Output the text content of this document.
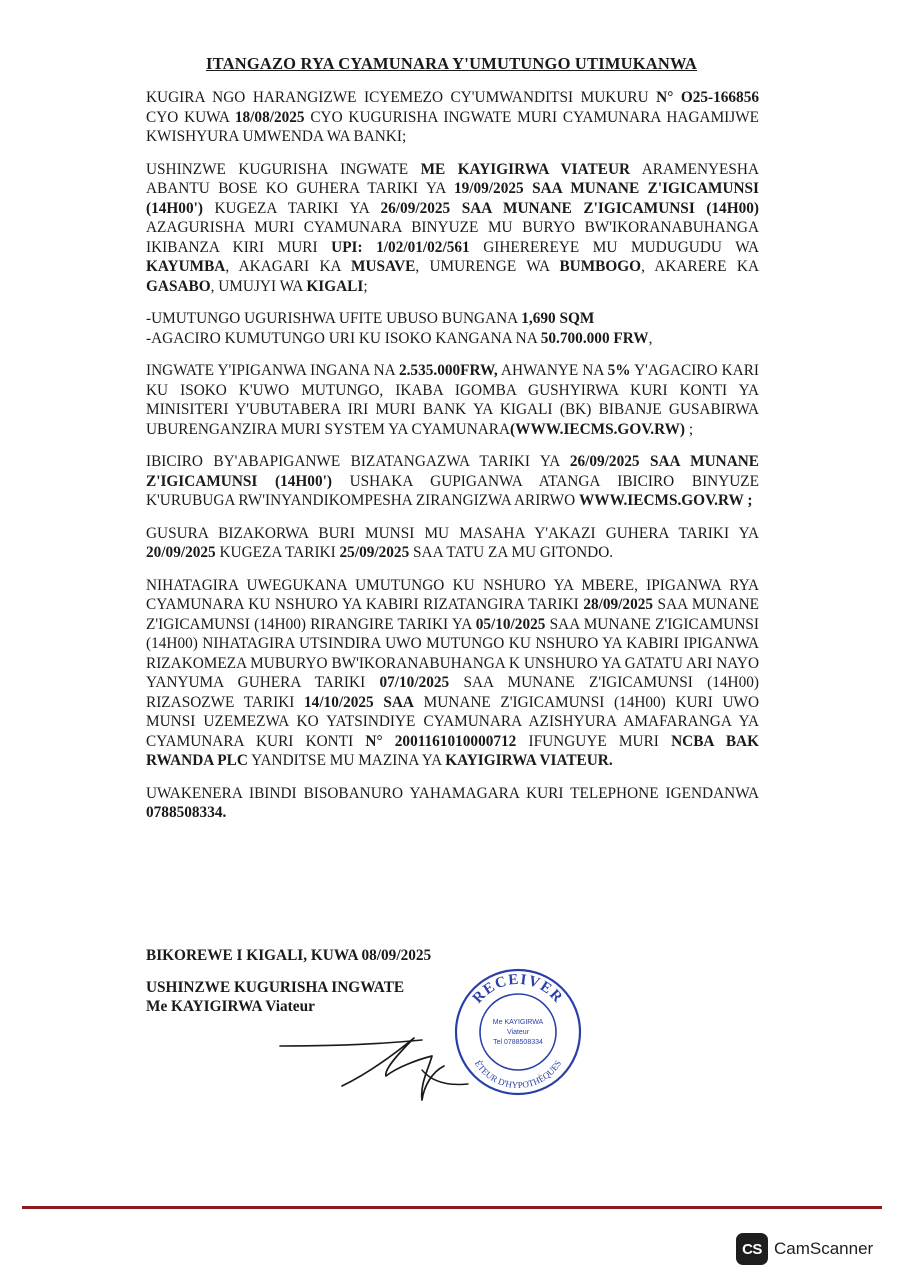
ITANGAZO RYA CYAMUNARA Y'UMUTUNGO UTIMUKANWA

KUGIRA NGO HARANGIZWE ICYEMEZO CY'UMWANDITSI MUKURU N° O25-166856 CYO KUWA 18/08/2025 CYO KUGURISHA INGWATE MURI CYAMUNARA HAGAMIJWE KWISHYURA UMWENDA WA BANKI;

USHINZWE KUGURISHA INGWATE ME KAYIGIRWA VIATEUR ARAMENYESHA ABANTU BOSE KO GUHERA TARIKI YA 19/09/2025 SAA MUNANE Z'IGICAMUNSI (14H00') KUGEZA TARIKI YA 26/09/2025 SAA MUNANE Z'IGICAMUNSI (14H00) AZAGURISHA MURI CYAMUNARA BINYUZE MU BURYO BW'IKORANABUHANGA IKIBANZA KIRI MURI UPI: 1/02/01/02/561 GIHEREREYE MU MUDUGUDU WA KAYUMBA, AKAGARI KA MUSAVE, UMURENGE WA BUMBOGO, AKARERE KA GASABO, UMUJYI WA KIGALI;

-UMUTUNGO UGURISHWA UFITE UBUSO BUNGANA 1,690 SQM

-AGACIRO KUMUTUNGO URI KU ISOKO KANGANA NA 50.700.000 FRW,

INGWATE Y'IPIGANWA INGANA NA 2.535.000FRW, AHWANYE NA 5% Y'AGACIRO KARI KU ISOKO K'UWO MUTUNGO, IKABA IGOMBA GUSHYIRWA KURI KONTI YA MINISITERI Y'UBUTABERA IRI MURI BANK YA KIGALI (BK) BIBANJE GUSABIRWA UBURENGANZIRA MURI SYSTEM YA CYAMUNARA(WWW.IECMS.GOV.RW) ;

IBICIRO BY'ABAPIGANWE BIZATANGAZWA TARIKI YA 26/09/2025 SAA MUNANE Z'IGICAMUNSI (14H00') USHAKA GUPIGANWA ATANGA IBICIRO BINYUZE K'URUBUGA RW'INYANDIKOMPESHA ZIRANGIZWA ARIRWO WWW.IECMS.GOV.RW ;

GUSURA BIZAKORWA BURI MUNSI MU MASAHA Y'AKAZI GUHERA TARIKI YA 20/09/2025 KUGEZA TARIKI 25/09/2025 SAA TATU ZA MU GITONDO.

NIHATAGIRA UWEGUKANA UMUTUNGO KU NSHURO YA MBERE, IPIGANWA RYA CYAMUNARA KU NSHURO YA KABIRI RIZATANGIRA TARIKI 28/09/2025 SAA MUNANE Z'IGICAMUNSI (14H00) RIRANGIRE TARIKI YA 05/10/2025 SAA MUNANE Z'IGICAMUNSI (14H00) NIHATAGIRA UTSINDIRA UWO MUTUNGO KU NSHURO YA KABIRI IPIGANWA RIZAKOMEZA MUBURYO BW'IKORANABUHANGA K UNSHURO YA GATATU ARI NAYO YANYUMA GUHERA TARIKI 07/10/2025 SAA MUNANE Z'IGICAMUNSI (14H00) RIZASOZWE TARIKI 14/10/2025 SAA MUNANE Z'IGICAMUNSI (14H00) KURI UWO MUNSI UZEMEZWA KO YATSINDIYE CYAMUNARA AZISHYURA AMAFARANGA YA CYAMUNARA KURI KONTI N° 2001161010000712 IFUNGUYE MURI NCBA BAK RWANDA PLC YANDITSE MU MAZINA YA KAYIGIRWA VIATEUR.

UWAKENERA IBINDI BISOBANURO YAHAMAGARA KURI TELEPHONE IGENDANWA 0788508334.

BIKOREWE I KIGALI, KUWA 08/09/2025
USHINZWE KUGURISHA INGWATE
Me KAYIGIRWA Viateur	RECEIVER
ÉTEUR D'HYPOTHÈQUES
Me KAYIGIRWA
Viateur
Tel 0788508334
CS CamScanner
